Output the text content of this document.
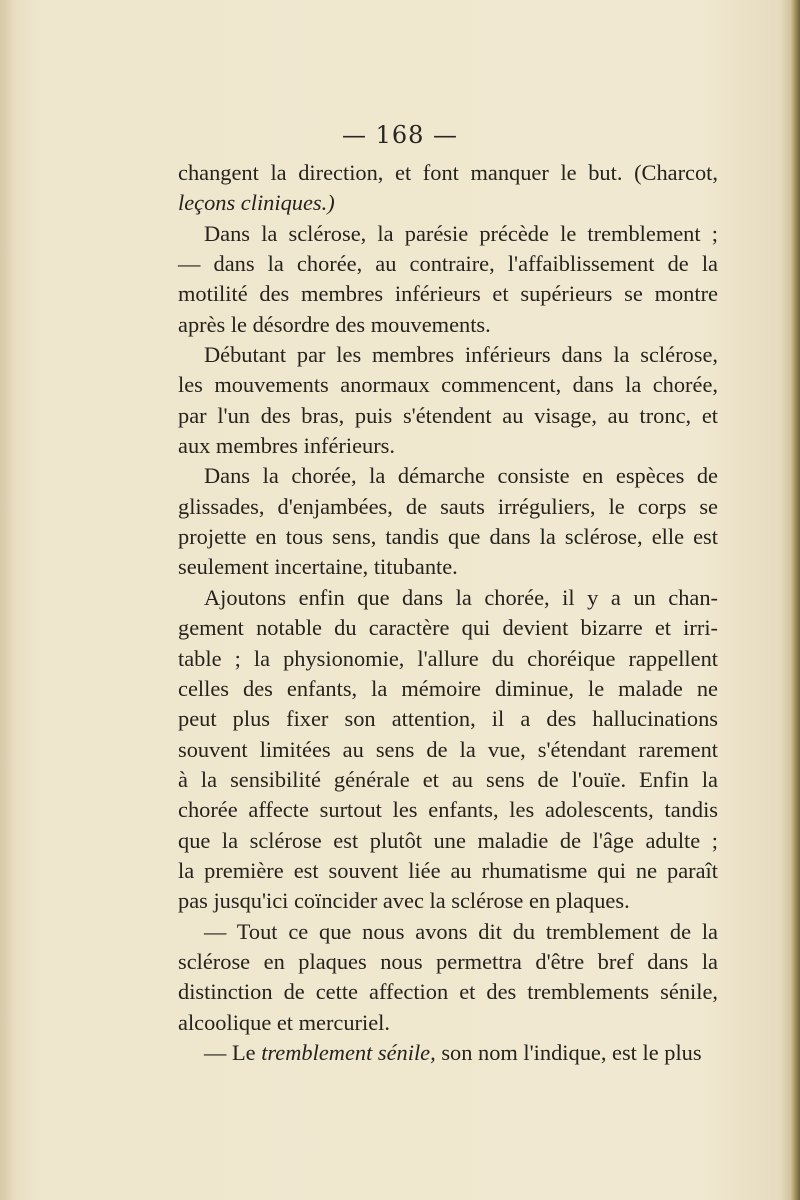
— 168 —
changent la direction, et font manquer le but. (Charcot,
leçons cliniques.)
Dans la sclérose, la parésie précède le tremblement ;
— dans la chorée, au contraire, l'affaiblissement de la
motilité des membres inférieurs et supérieurs se montre
après le désordre des mouvements.
Débutant par les membres inférieurs dans la sclérose,
les mouvements anormaux commencent, dans la chorée,
par l'un des bras, puis s'étendent au visage, au tronc, et
aux membres inférieurs.
Dans la chorée, la démarche consiste en espèces de
glissades, d'enjambées, de sauts irréguliers, le corps se
projette en tous sens, tandis que dans la sclérose, elle est
seulement incertaine, titubante.
Ajoutons enfin que dans la chorée, il y a un chan-
gement notable du caractère qui devient bizarre et irri-
table ; la physionomie, l'allure du choréique rappellent
celles des enfants, la mémoire diminue, le malade ne
peut plus fixer son attention, il a des hallucinations
souvent limitées au sens de la vue, s'étendant rarement
à la sensibilité générale et au sens de l'ouïe. Enfin la
chorée affecte surtout les enfants, les adolescents, tandis
que la sclérose est plutôt une maladie de l'âge adulte ;
la première est souvent liée au rhumatisme qui ne paraît
pas jusqu'ici coïncider avec la sclérose en plaques.
— Tout ce que nous avons dit du tremblement de la
sclérose en plaques nous permettra d'être bref dans la
distinction de cette affection et des tremblements sénile,
alcoolique et mercuriel.
— Le tremblement sénile, son nom l'indique, est le plus
